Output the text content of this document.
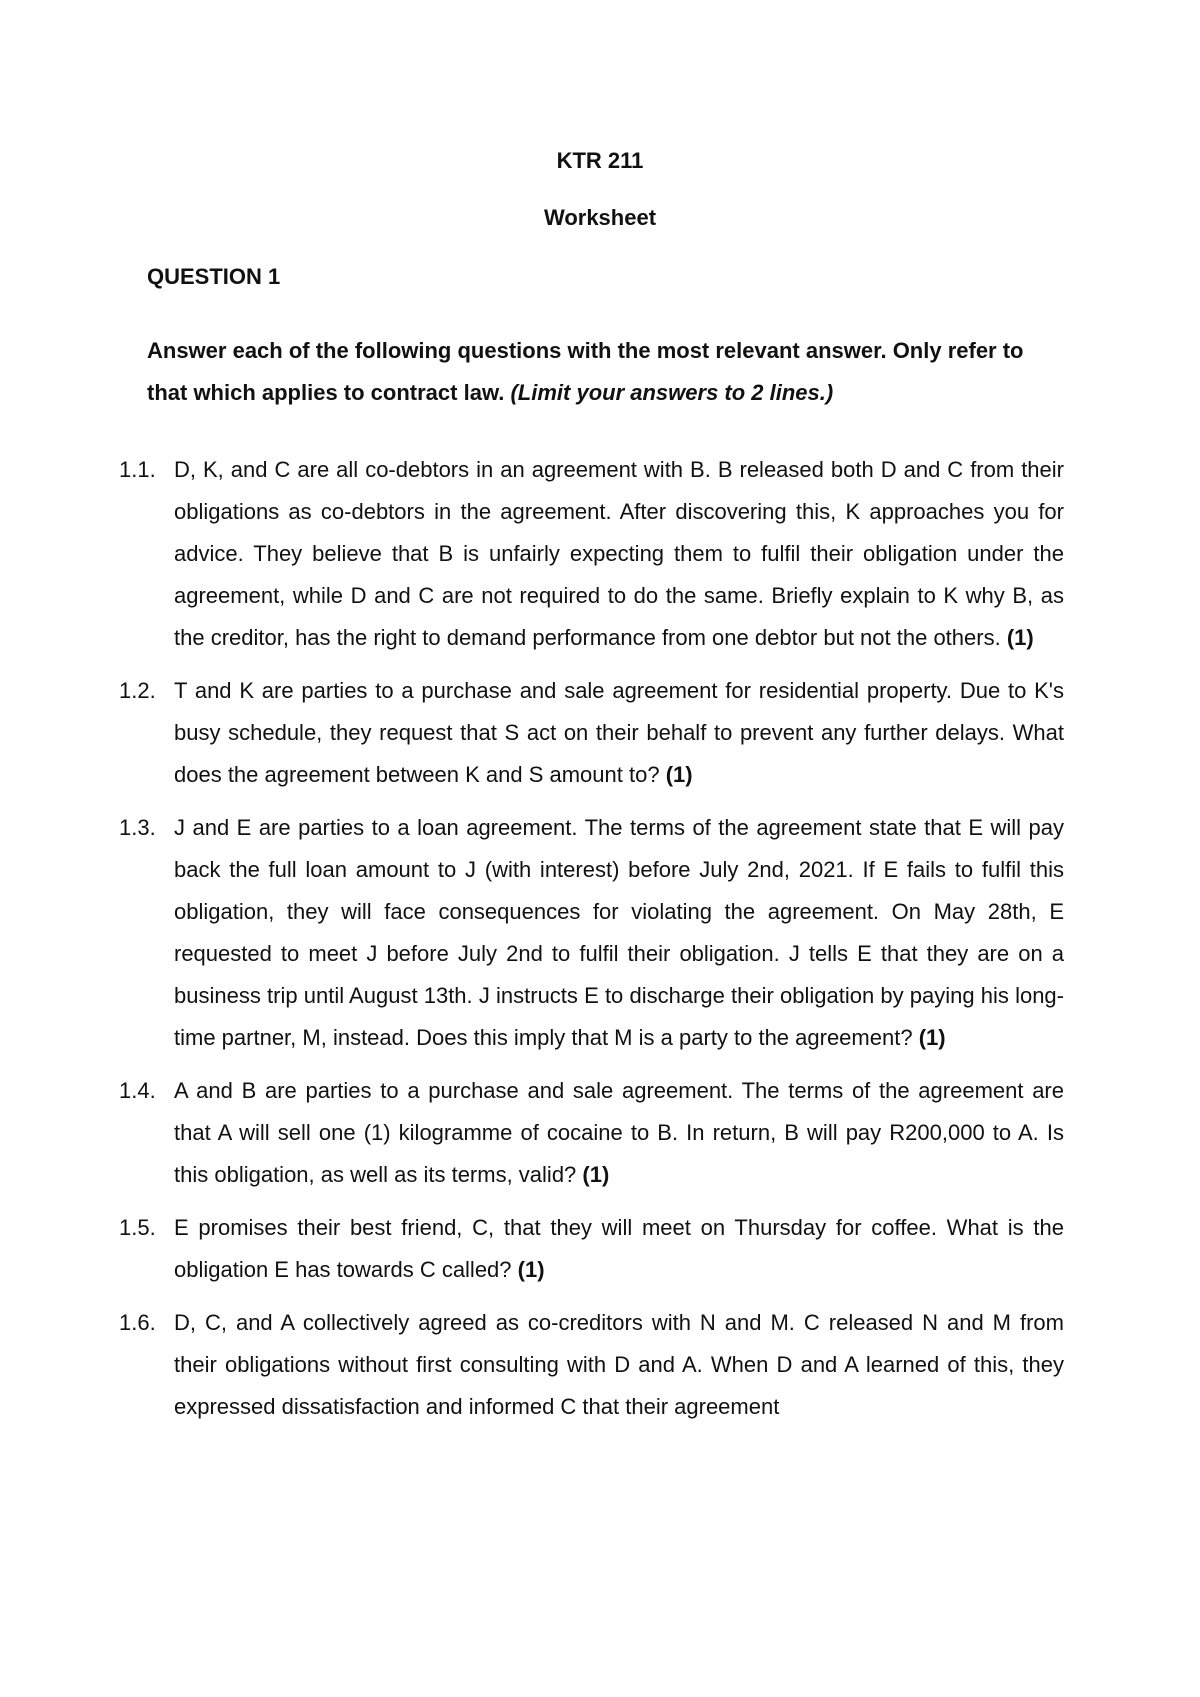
KTR 211
Worksheet
QUESTION 1
Answer each of the following questions with the most relevant answer. Only refer to that which applies to contract law. (Limit your answers to 2 lines.)
1.1. D, K, and C are all co-debtors in an agreement with B. B released both D and C from their obligations as co-debtors in the agreement. After discovering this, K approaches you for advice. They believe that B is unfairly expecting them to fulfil their obligation under the agreement, while D and C are not required to do the same. Briefly explain to K why B, as the creditor, has the right to demand performance from one debtor but not the others. (1)
1.2. T and K are parties to a purchase and sale agreement for residential property. Due to K's busy schedule, they request that S act on their behalf to prevent any further delays. What does the agreement between K and S amount to? (1)
1.3. J and E are parties to a loan agreement. The terms of the agreement state that E will pay back the full loan amount to J (with interest) before July 2nd, 2021. If E fails to fulfil this obligation, they will face consequences for violating the agreement. On May 28th, E requested to meet J before July 2nd to fulfil their obligation. J tells E that they are on a business trip until August 13th. J instructs E to discharge their obligation by paying his long-time partner, M, instead. Does this imply that M is a party to the agreement? (1)
1.4. A and B are parties to a purchase and sale agreement. The terms of the agreement are that A will sell one (1) kilogramme of cocaine to B. In return, B will pay R200,000 to A. Is this obligation, as well as its terms, valid? (1)
1.5. E promises their best friend, C, that they will meet on Thursday for coffee. What is the obligation E has towards C called? (1)
1.6. D, C, and A collectively agreed as co-creditors with N and M. C released N and M from their obligations without first consulting with D and A. When D and A learned of this, they expressed dissatisfaction and informed C that their agreement
